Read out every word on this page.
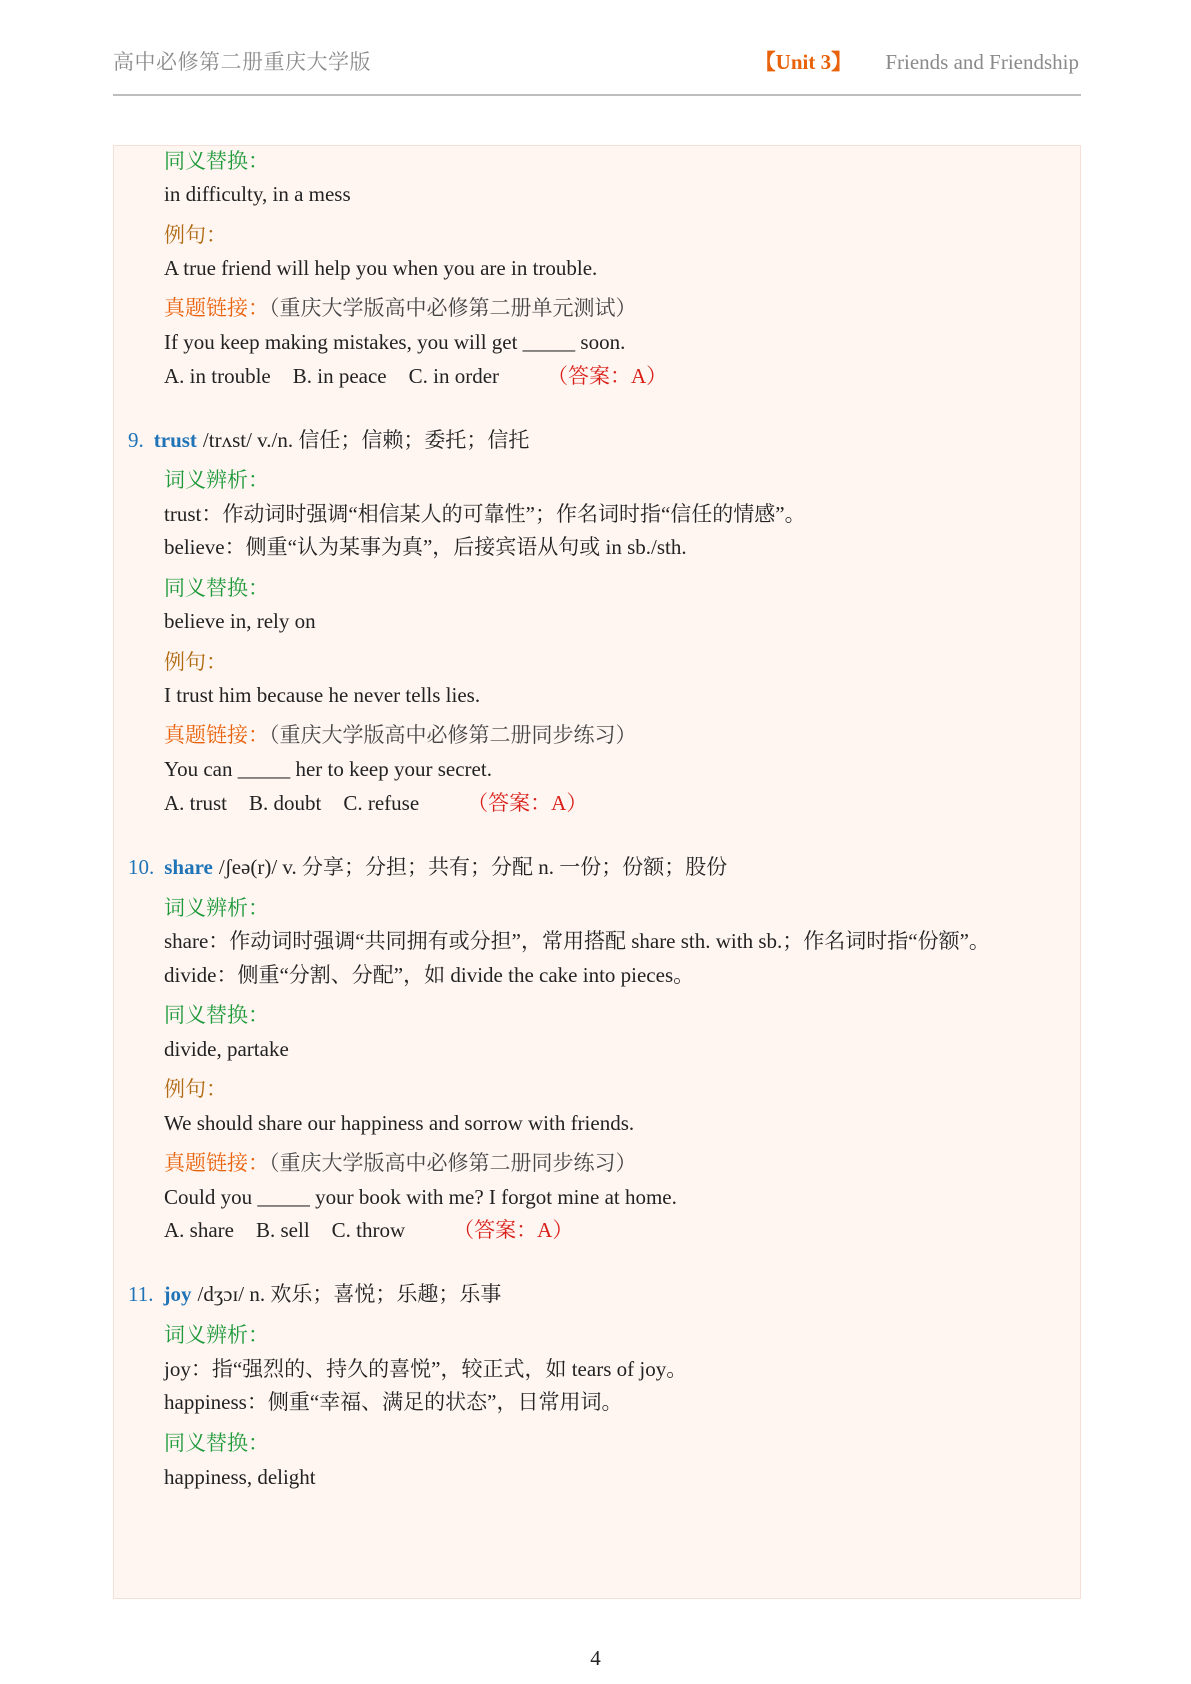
高中必修第二册重庆大学版	【Unit 3】 Friends and Friendship
同义替换：
in difficulty, in a mess
例句：
A true friend will help you when you are in trouble.
真题链接：（重庆大学版高中必修第二册单元测试）
If you keep making mistakes, you will get _____ soon.
A. in trouble B. in peace C. in order （答案：A）
9. trust /trʌst/ v./n. 信任；信赖；委托；信托
词义辨析：
trust：作动词时强调“相信某人的可靠性”；作名词时指“信任的情感”。
believe：侧重“认为某事为真”，后接宾语从句或 in sb./sth.
同义替换：
believe in, rely on
例句：
I trust him because he never tells lies.
真题链接：（重庆大学版高中必修第二册同步练习）
You can _____ her to keep your secret.
A. trust B. doubt C. refuse （答案：A）
10. share /ʃeə(r)/ v. 分享；分担；共有；分配 n. 一份；份额；股份
词义辨析：
share：作动词时强调“共同拥有或分担”，常用搭配 share sth. with sb.；作名词时指“份额”。
divide：侧重“分割、分配”，如 divide the cake into pieces。
同义替换：
divide, partake
例句：
We should share our happiness and sorrow with friends.
真题链接：（重庆大学版高中必修第二册同步练习）
Could you _____ your book with me? I forgot mine at home.
A. share B. sell C. throw （答案：A）
11. joy /dʒɔɪ/ n. 欢乐；喜悦；乐趣；乐事
词义辨析：
joy：指“强烈的、持久的喜悦”，较正式，如 tears of joy。
happiness：侧重“幸福、满足的状态”，日常用词。
同义替换：
happiness, delight
4
